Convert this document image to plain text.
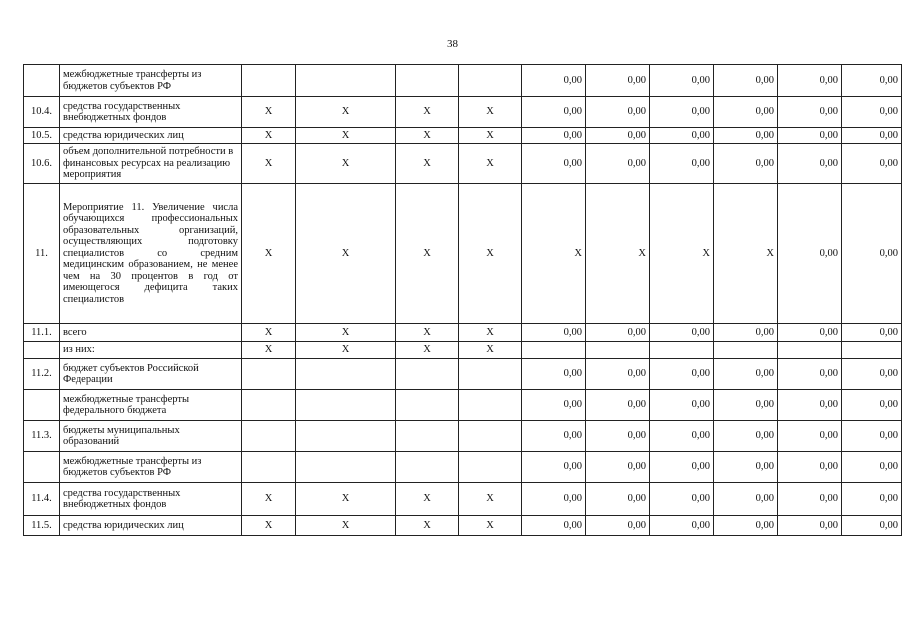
38
	межбюджетные трансферты из бюджетов субъектов РФ					0,00	0,00	0,00	0,00	0,00	0,00
10.4.	средства государственных внебюджетных фондов	X	X	X	X	0,00	0,00	0,00	0,00	0,00	0,00
10.5.	средства юридических лиц	X	X	X	X	0,00	0,00	0,00	0,00	0,00	0,00
10.6.	объем дополнительной потребности в финансовых ресурсах на реализацию мероприятия	X	X	X	X	0,00	0,00	0,00	0,00	0,00	0,00
11.	Мероприятие 11. Увеличение числа обучающихся профессиональных образовательных организаций, осуществляющих подготовку специалистов со средним медицинским образованием, не менее чем на 30 процентов в год от имеющегося дефицита таких специалистов	X	X	X	X	X	X	X	X	0,00	0,00
11.1.	всего	X	X	X	X	0,00	0,00	0,00	0,00	0,00	0,00
	из них:	X	X	X	X						
11.2.	бюджет субъектов Российской Федерации					0,00	0,00	0,00	0,00	0,00	0,00
	межбюджетные трансферты федерального бюджета					0,00	0,00	0,00	0,00	0,00	0,00
11.3.	бюджеты муниципальных образований					0,00	0,00	0,00	0,00	0,00	0,00
	межбюджетные трансферты из бюджетов субъектов РФ					0,00	0,00	0,00	0,00	0,00	0,00
11.4.	средства государственных внебюджетных фондов	X	X	X	X	0,00	0,00	0,00	0,00	0,00	0,00
11.5.	средства юридических лиц	X	X	X	X	0,00	0,00	0,00	0,00	0,00	0,00
